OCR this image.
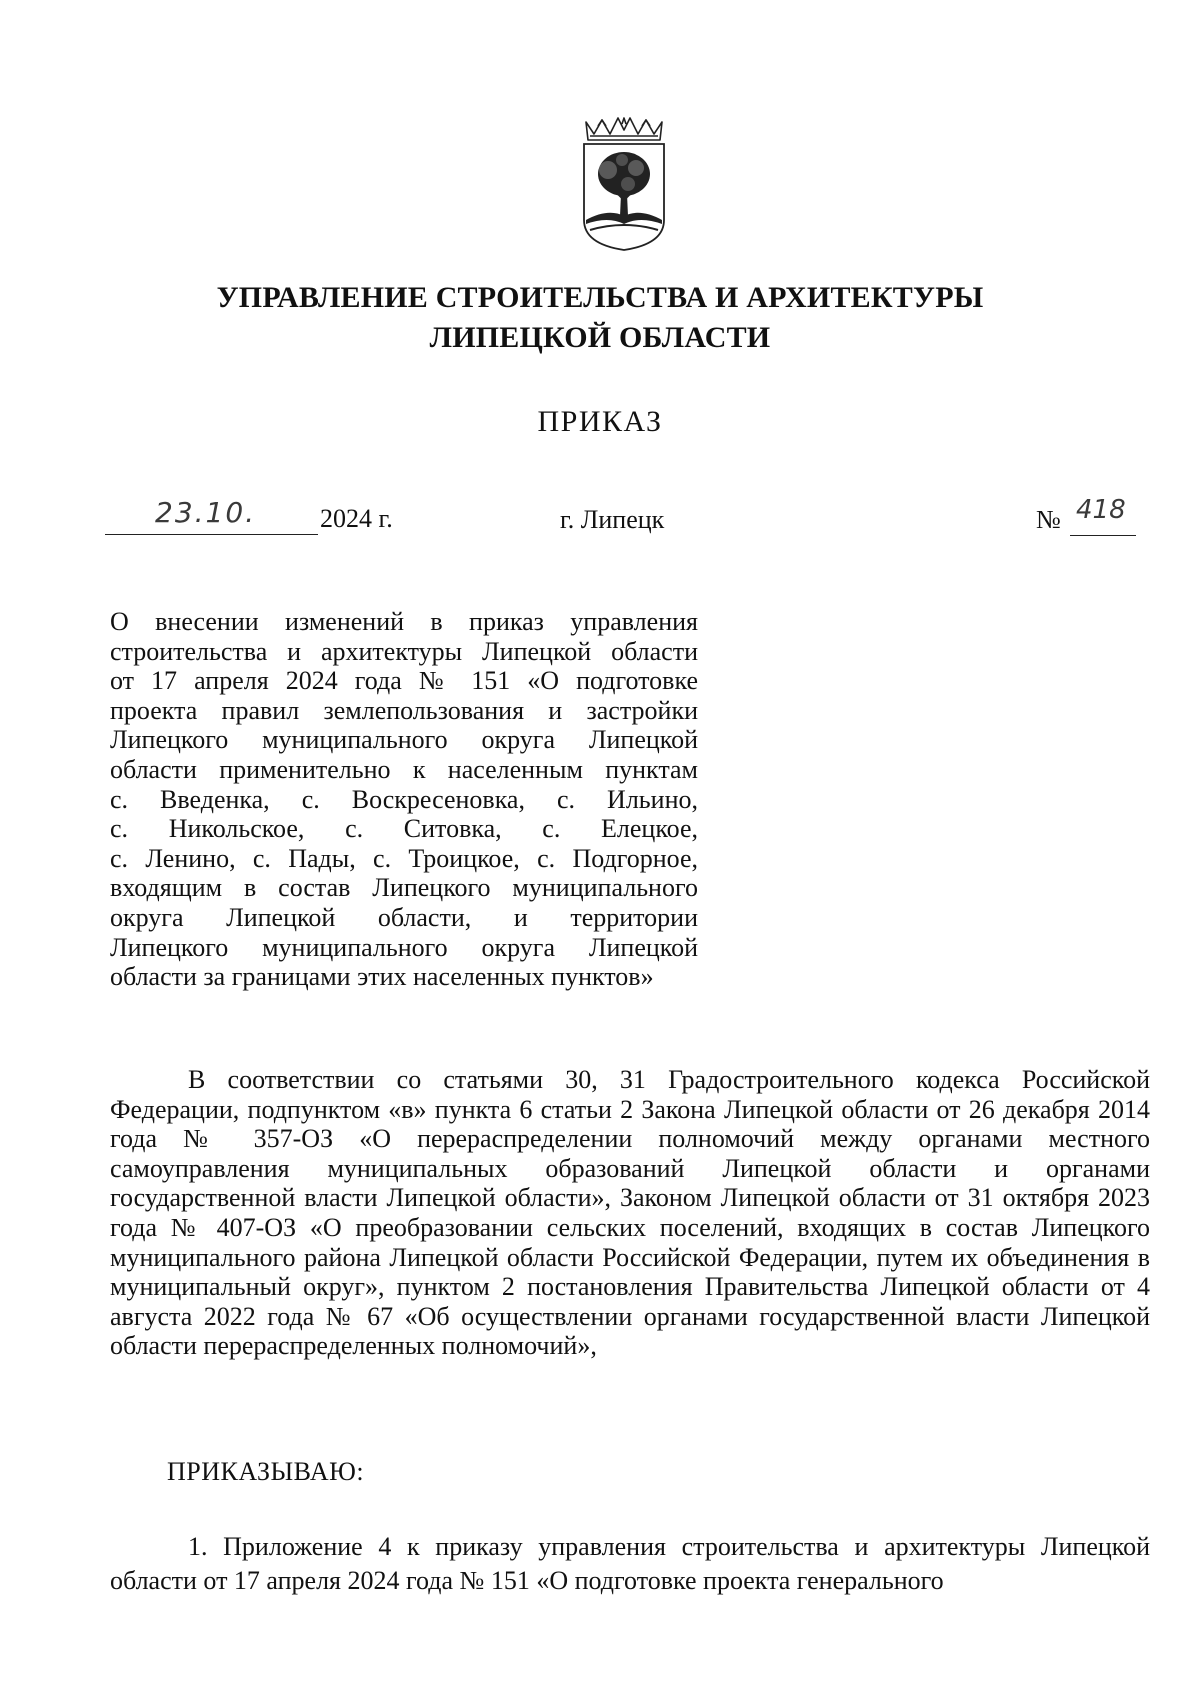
УПРАВЛЕНИЕ СТРОИТЕЛЬСТВА И АРХИТЕКТУРЫ
ЛИПЕЦКОЙ ОБЛАСТИ
ПРИКАЗ
23.10. 2024 г.	г. Липецк	№ 418
О внесении изменений в приказ управления
строительства и архитектуры Липецкой области
от 17 апреля 2024 года № 151 «О подготовке
проекта правил землепользования и застройки
Липецкого муниципального округа Липецкой
области применительно к населенным пунктам
с. Введенка, с. Воскресеновка, с. Ильино,
с. Никольское, с. Ситовка, с. Елецкое,
с. Ленино, с. Пады, с. Троицкое, с. Подгорное,
входящим в состав Липецкого муниципального
округа Липецкой области, и территории
Липецкого муниципального округа Липецкой
области за границами этих населенных пунктов»
В соответствии со статьями 30, 31 Градостроительного кодекса Российской Федерации, подпунктом «в» пункта 6 статьи 2 Закона Липецкой области от 26 декабря 2014 года № 357-ОЗ «О перераспределении полномочий между органами местного самоуправления муниципальных образований Липецкой области и органами государственной власти Липецкой области», Законом Липецкой области от 31 октября 2023 года № 407-ОЗ «О преобразовании сельских поселений, входящих в состав Липецкого муниципального района Липецкой области Российской Федерации, путем их объединения в муниципальный округ», пунктом 2 постановления Правительства Липецкой области от 4 августа 2022 года № 67 «Об осуществлении органами государственной власти Липецкой области перераспределенных полномочий»,
ПРИКАЗЫВАЮ:
1. Приложение 4 к приказу управления строительства и архитектуры Липецкой области от 17 апреля 2024 года № 151 «О подготовке проекта генерального
